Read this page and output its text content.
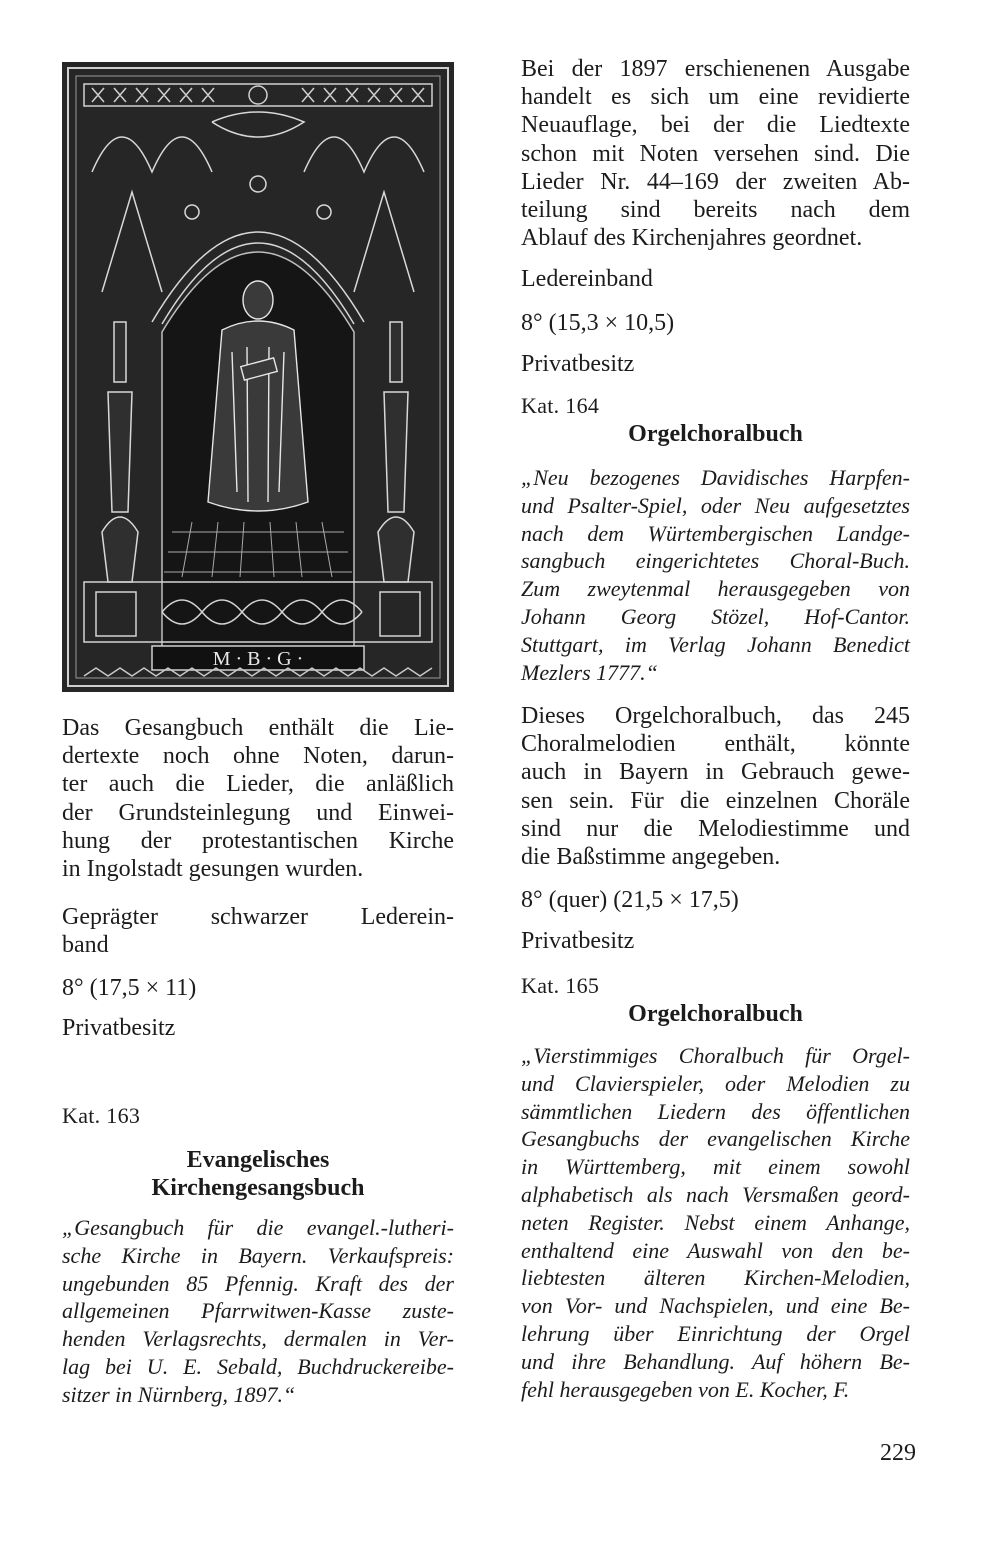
M · B · G ·
Das Gesangbuch enthält die Lie-
dertexte noch ohne Noten, darun-
ter auch die Lieder, die anläßlich
der Grundsteinlegung und Einwei-
hung der protestantischen Kirche
in Ingolstadt gesungen wurden.
Geprägter schwarzer Lederein-
band

8° (17,5 × 11)

Privatbesitz

Kat. 163

Evangelisches

Kirchengesangsbuch

„Gesangbuch für die evangel.-lutheri-
sche Kirche in Bayern. Verkaufspreis:
ungebunden 85 Pfennig. Kraft des der
allgemeinen Pfarrwitwen-Kasse zuste-
henden Verlagsrechts, dermalen in Ver-
lag bei U. E. Sebald, Buchdruckereibe-
sitzer in Nürnberg, 1897.“
Bei der 1897 erschienenen Ausgabe
handelt es sich um eine revidierte
Neuauflage, bei der die Liedtexte
schon mit Noten versehen sind. Die
Lieder Nr. 44–169 der zweiten Ab-
teilung sind bereits nach dem
Ablauf des Kirchenjahres geordnet.

Ledereinband

8° (15,3 × 10,5)

Privatbesitz

Kat. 164

Orgelchoralbuch

„Neu bezogenes Davidisches Harpfen-
und Psalter-Spiel, oder Neu aufgesetztes
nach dem Würtembergischen Landge-
sangbuch eingerichtetes Choral-Buch.
Zum zweytenmal herausgegeben von
Johann Georg Stözel, Hof-Cantor.
Stuttgart, im Verlag Johann Benedict
Mezlers 1777.“
Dieses Orgelchoralbuch, das 245
Choralmelodien enthält, könnte
auch in Bayern in Gebrauch gewe-
sen sein. Für die einzelnen Choräle
sind nur die Melodiestimme und
die Baßstimme angegeben.

8° (quer) (21,5 × 17,5)

Privatbesitz

Kat. 165

Orgelchoralbuch

„Vierstimmiges Choralbuch für Orgel-
und Clavierspieler, oder Melodien zu
sämmtlichen Liedern des öffentlichen
Gesangbuchs der evangelischen Kirche
in Württemberg, mit einem sowohl
alphabetisch als nach Versmaßen geord-
neten Register. Nebst einem Anhange,
enthaltend eine Auswahl von den be-
liebtesten älteren Kirchen-Melodien,
von Vor- und Nachspielen, und eine Be-
lehrung über Einrichtung der Orgel
und ihre Behandlung. Auf höhern Be-
fehl herausgegeben von E. Kocher, F.

229
